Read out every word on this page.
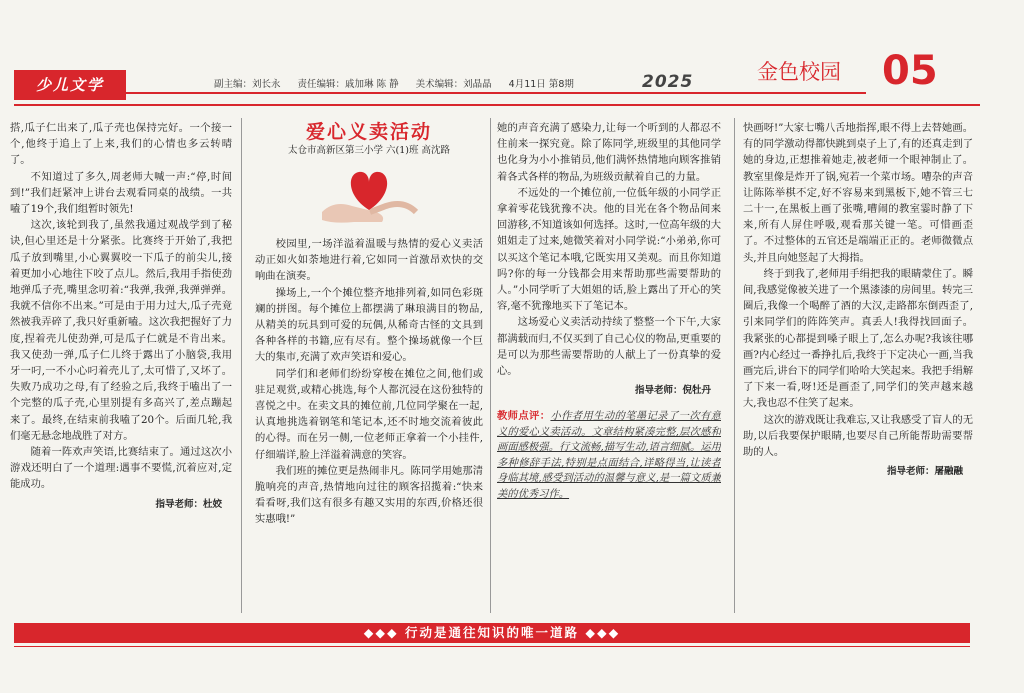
少儿文学	副主编：刘长永 责任编辑：戚加琳 陈 静 美术编辑：刘晶晶 4月11日 第8期	2025	金色校园 05

搭,瓜子仁出来了,瓜子壳也保持完好。一个接一个,他终于追上了上来,我们的心情也多云转晴了。

不知道过了多久,周老师大喊一声:“停,时间到!”我们赶紧冲上讲台去观看同桌的战绩。一共嗑了19个,我们组暂时领先!

这次,该轮到我了,虽然我通过观战学到了秘诀,但心里还是十分紧张。比赛终于开始了,我把瓜子放到嘴里,小心翼翼咬一下瓜子的前尖儿,接着更加小心地往下咬了点儿。然后,我用手指使劲地弹瓜子壳,嘴里念叨着:“我弹,我弹,我弹弹弹。我就不信你不出来。”可是由于用力过大,瓜子壳竟然被我弄碎了,我只好重新嗑。这次我把握好了力度,捏着壳儿使劲弹,可是瓜子仁就是不肯出来。我又使劲一弹,瓜子仁儿终于露出了小脑袋,我用牙一叼,一不小心叼着壳儿了,太可惜了,又坏了。失败乃成功之母,有了经验之后,我终于嗑出了一个完整的瓜子壳,心里别提有多高兴了,差点蹦起来了。最终,在结束前我嗑了20个。后面几轮,我们毫无悬念地战胜了对方。

随着一阵欢声笑语,比赛结束了。通过这次小游戏还明白了一个道理:遇事不要慌,沉着应对,定能成功。

指导老师：杜姣
爱心义卖活动
太仓市高新区第三小学 六(1)班 高沈路

校园里,一场洋溢着温暖与热情的爱心义卖活动正如火如荼地进行着,它如同一首激昂欢快的交响曲在演奏。

操场上,一个个摊位整齐地排列着,如同色彩斑斓的拼图。每个摊位上都摆满了琳琅满目的物品,从精美的玩具到可爱的玩偶,从稀奇古怪的文具到各种各样的书籍,应有尽有。整个操场就像一个巨大的集市,充满了欢声笑语和爱心。

同学们和老师们纷纷穿梭在摊位之间,他们或驻足观赏,或精心挑选,每个人都沉浸在这份独特的喜悦之中。在卖文具的摊位前,几位同学聚在一起,认真地挑选着钢笔和笔记本,还不时地交流着彼此的心得。而在另一侧,一位老师正拿着一个小挂件,仔细端详,脸上洋溢着满意的笑容。

我们班的摊位更是热闹非凡。陈同学用她那清脆响亮的声音,热情地向过往的顾客招揽着:“快来看看呀,我们这有很多有趣又实用的东西,价格还很实惠哦!”

她的声音充满了感染力,让每一个听到的人都忍不住前来一探究竟。除了陈同学,班级里的其他同学也化身为小小推销员,他们满怀热情地向顾客推销着各式各样的物品,为班级贡献着自己的力量。

不远处的一个摊位前,一位低年级的小同学正拿着零花钱犹豫不决。他的目光在各个物品间来回游移,不知道该如何选择。这时,一位高年级的大姐姐走了过来,她微笑着对小同学说:“小弟弟,你可以买这个笔记本哦,它既实用又美观。而且你知道吗?你的每一分钱都会用来帮助那些需要帮助的人。”小同学听了大姐姐的话,脸上露出了开心的笑容,毫不犹豫地买下了笔记本。

这场爱心义卖活动持续了整整一个下午,大家都满载而归,不仅买到了自己心仪的物品,更重要的是可以为那些需要帮助的人献上了一份真挚的爱心。

指导老师：倪牡丹
教师点评：小作者用生动的笔墨记录了一次有意义的爱心义卖活动。文章结构紧凑完整,层次感和画面感极强。行文流畅,描写生动,语言细腻。运用多种修辞手法,特别是点面结合,详略得当,让读者身临其境,感受到活动的温馨与意义,是一篇文质兼美的优秀习作。

快画呀!”大家七嘴八舌地指挥,眼不得上去替她画。有的同学激动得都快跳到桌子上了,有的还真走到了她的身边,正想推着她走,被老师一个眼神制止了。教室里像是炸开了锅,宛若一个菜市场。嘈杂的声音让陈陈举棋不定,好不容易来到黑板下,她不管三七二十一,在黑板上画了张嘴,嘈闹的教室霎时静了下来,所有人屏住呼吸,观看那关键一笔。可惜画歪了。不过整体的五官还是端端正正的。老师微微点头,并且向她竖起了大拇指。

终于到我了,老师用手绢把我的眼睛蒙住了。瞬间,我感觉像被关进了一个黑漆漆的房间里。转完三圈后,我像一个喝醉了酒的大汉,走路都东倒西歪了,引来同学们的阵阵笑声。真丢人!我得找回面子。我紧张的心都提到嗓子眼上了,怎么办呢?我该往哪画?内心经过一番挣扎后,我终于下定决心一画,当我画完后,讲台下的同学们哈哈大笑起来。我把手绢解了下来一看,呀!还是画歪了,同学们的笑声越来越大,我也忍不住笑了起来。

这次的游戏既让我难忘,又让我感受了盲人的无助,以后我要保护眼睛,也要尽自己所能帮助需要帮助的人。

指导老师：屠融融
◆◆◆ 行动是通往知识的唯一道路 ◆◆◆
